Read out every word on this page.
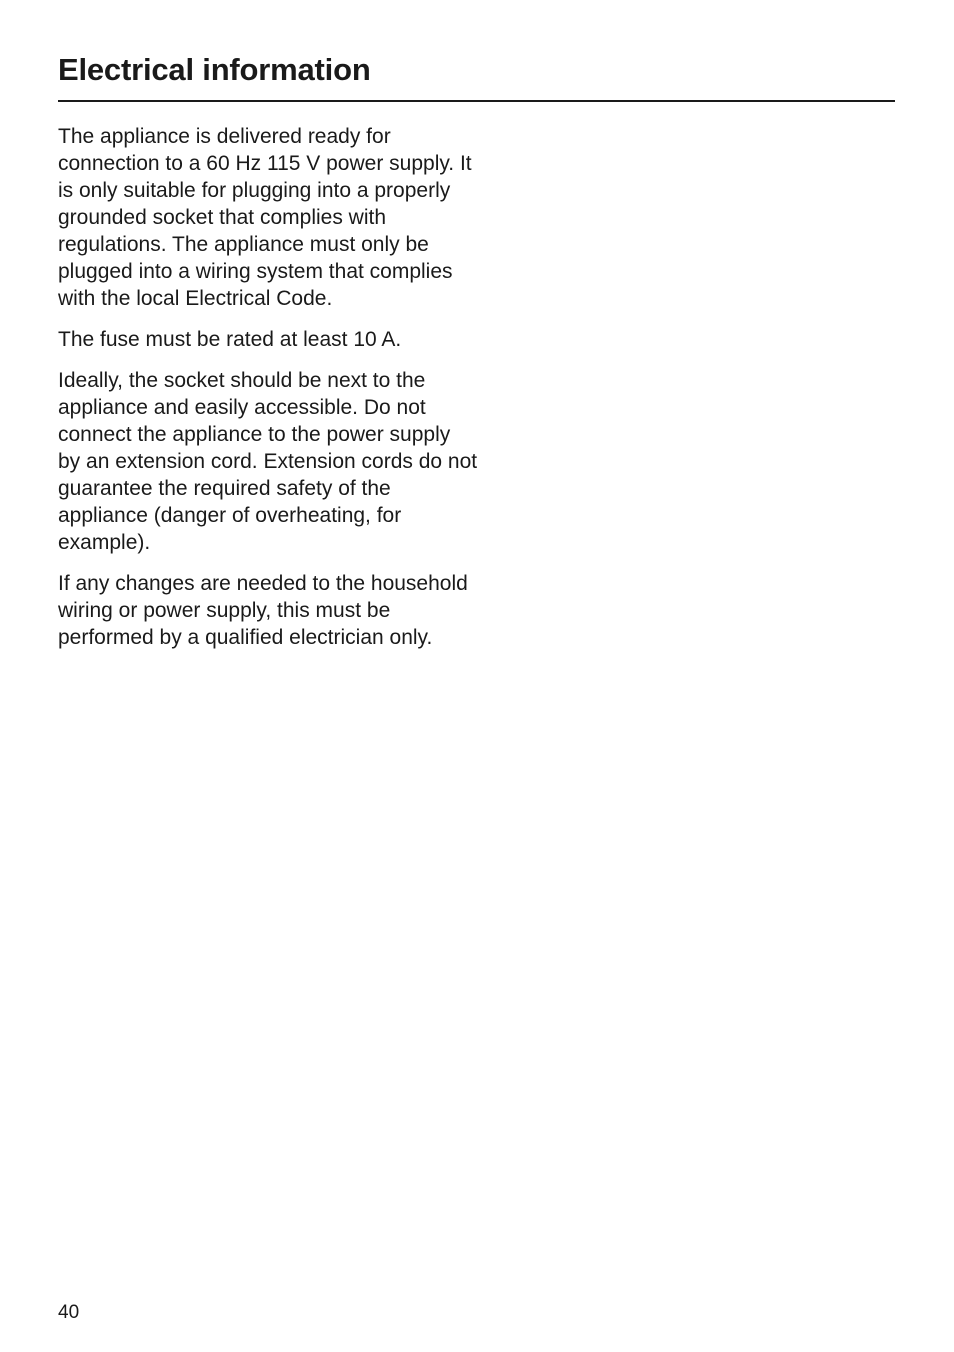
Electrical information

The appliance is delivered ready for connection to a 60 Hz 115 V power supply. It is only suitable for plugging into a properly grounded socket that complies with regulations. The appliance must only be plugged into a wiring system that complies with the local Electrical Code.

The fuse must be rated at least 10 A.

Ideally, the socket should be next to the appliance and easily accessible. Do not connect the appliance to the power supply by an extension cord. Extension cords do not guarantee the required safety of the appliance (danger of overheating, for example).

If any changes are needed to the household wiring or power supply, this must be performed by a qualified electrician only.

40
